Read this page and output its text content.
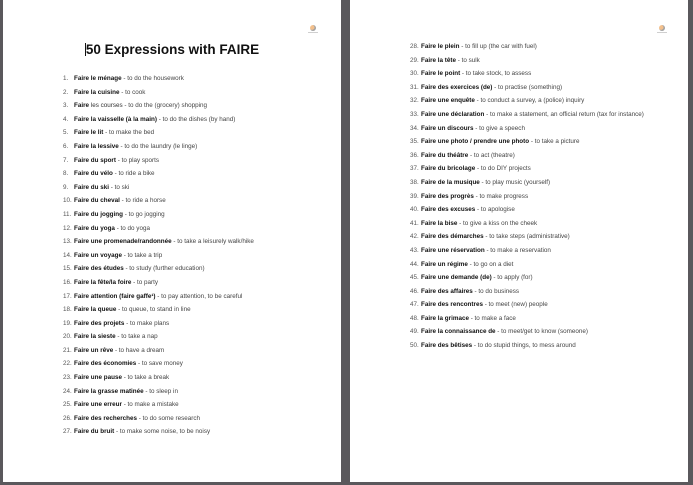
50 Expressions with FAIRE
1. Faire le ménage - to do the housework
2. Faire la cuisine - to cook
3. Faire les courses - to do the (grocery) shopping
4. Faire la vaisselle (à la main) - to do the dishes (by hand)
5. Faire le lit - to make the bed
6. Faire la lessive - to do the laundry (le linge)
7. Faire du sport - to play sports
8. Faire du vélo - to ride a bike
9. Faire du ski - to ski
10. Faire du cheval - to ride a horse
11. Faire du jogging - to go jogging
12. Faire du yoga - to do yoga
13. Faire une promenade/randonnée - to take a leisurely walk/hike
14. Faire un voyage - to take a trip
15. Faire des études - to study (further education)
16. Faire la fête/la foire - to party
17. Faire attention (faire gaffe¹) - to pay attention, to be careful
18. Faire la queue - to queue, to stand in line
19. Faire des projets - to make plans
20. Faire la sieste - to take a nap
21. Faire un rêve - to have a dream
22. Faire des économies - to save money
23. Faire une pause - to take a break
24. Faire la grasse matinée - to sleep in
25. Faire une erreur - to make a mistake
26. Faire des recherches - to do some research
27. Faire du bruit - to make some noise, to be noisy
28. Faire le plein - to fill up (the car with fuel)
29. Faire la tête - to sulk
30. Faire le point - to take stock, to assess
31. Faire des exercices (de) - to practise (something)
32. Faire une enquête - to conduct a survey, a (police) inquiry
33. Faire une déclaration - to make a statement, an official return (tax for instance)
34. Faire un discours - to give a speech
35. Faire une photo / prendre une photo - to take a picture
36. Faire du théâtre - to act (theatre)
37. Faire du bricolage - to do DIY projects
38. Faire de la musique - to play music (yourself)
39. Faire des progrès - to make progress
40. Faire des excuses - to apologise
41. Faire la bise - to give a kiss on the cheek
42. Faire des démarches - to take steps (administrative)
43. Faire une réservation - to make a reservation
44. Faire un régime - to go on a diet
45. Faire une demande (de) - to apply (for)
46. Faire des affaires - to do business
47. Faire des rencontres - to meet (new) people
48. Faire la grimace - to make a face
49. Faire la connaissance de - to meet/get to know (someone)
50. Faire des bêtises - to do stupid things, to mess around
